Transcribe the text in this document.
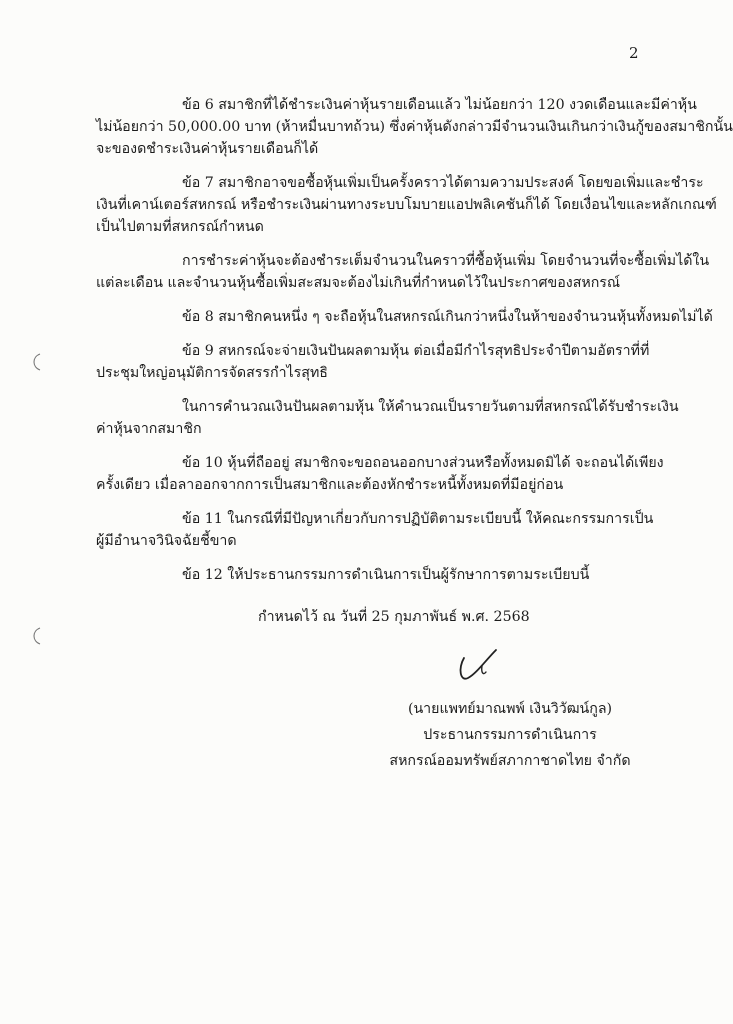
2
ข้อ 6 สมาชิกที่ได้ชำระเงินค่าหุ้นรายเดือนแล้ว ไม่น้อยกว่า 120 งวดเดือนและมีค่าหุ้น
ไม่น้อยกว่า 50,000.00 บาท (ห้าหมื่นบาทถ้วน) ซึ่งค่าหุ้นดังกล่าวมีจำนวนเงินเกินกว่าเงินกู้ของสมาชิกนั้น
จะของดชำระเงินค่าหุ้นรายเดือนก็ได้
ข้อ 7 สมาชิกอาจขอซื้อหุ้นเพิ่มเป็นครั้งคราวได้ตามความประสงค์ โดยขอเพิ่มและชำระ
เงินที่เคาน์เตอร์สหกรณ์ หรือชำระเงินผ่านทางระบบโมบายแอปพลิเคชันก็ได้ โดยเงื่อนไขและหลักเกณฑ์
เป็นไปตามที่สหกรณ์กำหนด
การชำระค่าหุ้นจะต้องชำระเต็มจำนวนในคราวที่ซื้อหุ้นเพิ่ม โดยจำนวนที่จะซื้อเพิ่มได้ใน
แต่ละเดือน และจำนวนหุ้นซื้อเพิ่มสะสมจะต้องไม่เกินที่กำหนดไว้ในประกาศของสหกรณ์
ข้อ 8 สมาชิกคนหนึ่ง ๆ จะถือหุ้นในสหกรณ์เกินกว่าหนึ่งในห้าของจำนวนหุ้นทั้งหมดไม่ได้
ข้อ 9 สหกรณ์จะจ่ายเงินปันผลตามหุ้น ต่อเมื่อมีกำไรสุทธิประจำปีตามอัตราที่ที่
ประชุมใหญ่อนุมัติการจัดสรรกำไรสุทธิ
ในการคำนวณเงินปันผลตามหุ้น ให้คำนวณเป็นรายวันตามที่สหกรณ์ได้รับชำระเงิน
ค่าหุ้นจากสมาชิก
ข้อ 10 หุ้นที่ถืออยู่ สมาชิกจะขอถอนออกบางส่วนหรือทั้งหมดมิได้ จะถอนได้เพียง
ครั้งเดียว เมื่อลาออกจากการเป็นสมาชิกและต้องหักชำระหนี้ทั้งหมดที่มีอยู่ก่อน
ข้อ 11 ในกรณีที่มีปัญหาเกี่ยวกับการปฏิบัติตามระเบียบนี้ ให้คณะกรรมการเป็น
ผู้มีอำนาจวินิจฉัยชี้ขาด
ข้อ 12 ให้ประธานกรรมการดำเนินการเป็นผู้รักษาการตามระเบียบนี้
กำหนดไว้ ณ วันที่ 25 กุมภาพันธ์ พ.ศ. 2568
(นายแพทย์มาณพพ์ เงินวิวัฒน์กูล)
ประธานกรรมการดำเนินการ
สหกรณ์ออมทรัพย์สภากาชาดไทย จำกัด
